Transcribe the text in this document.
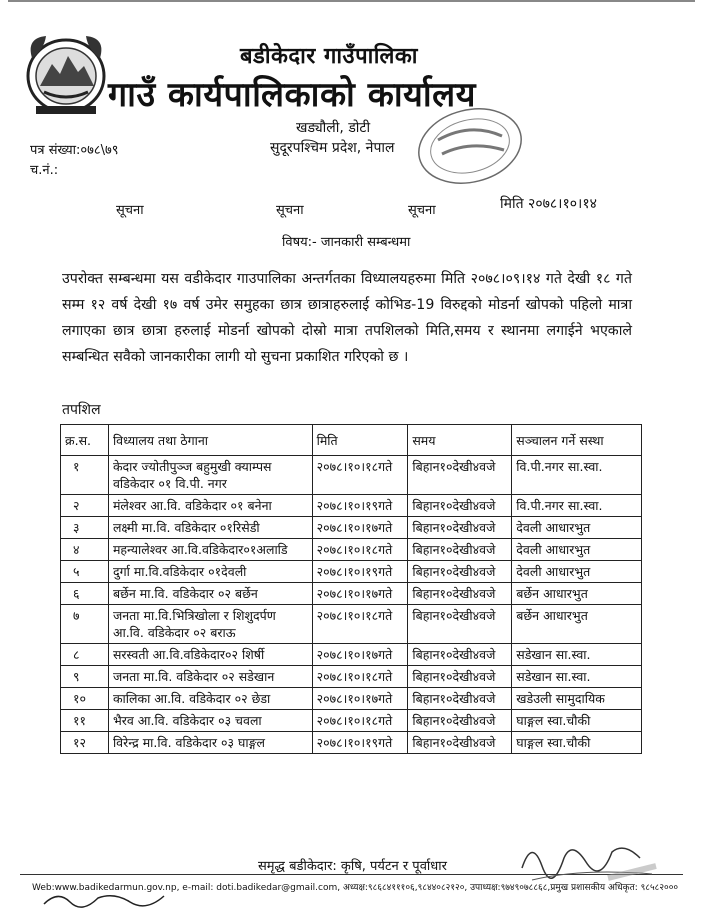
बडीकेदार गाउँपालिका
गाउँ कार्यपालिकाको कार्यालय
खड्यौली, डोटी
सुदूरपश्चिम प्रदेश, नेपाल
पत्र संख्या:०७८\७९
च.नं.:
सूचना	सूचना	सूचना	मिति २०७८।१०।१४
विषय:- जानकारी सम्बन्धमा
उपरोक्त सम्बन्धमा यस वडीकेदार गाउपालिका अन्तर्गतका विध्यालयहरुमा मिति २०७८।०९।१४ गते देखी १८ गते सम्म १२ वर्ष देखी १७ वर्ष उमेर समुहका छात्र छात्राहरुलाई कोभिड-19 विरुद्दको मोडर्ना खोपको पहिलो मात्रा लगाएका छात्र छात्रा हरुलाई मोडर्ना खोपको दोस्रो मात्रा तपशिलको मिति,समय र स्थानमा लगाईने भएकाले सम्बन्धित सवैको जानकारीका लागी यो सुचना प्रकाशित गरिएको छ ।
तपशिल
क्र.स.	विध्यालय तथा ठेगाना	मिति	समय	सञ्चालन गर्ने सस्था
१	केदार ज्योतीपुञ्ज बहुमुखी क्याम्पस वडिकेदार ०१ वि.पी. नगर	२०७८।१०।१८गते	बिहान१०देखी४वजे	वि.पी.नगर सा.स्वा.
२	मंलेश्वर आ.वि. वडिकेदार ०१ बनेना	२०७८।१०।१९गते	बिहान१०देखी४वजे	वि.पी.नगर सा.स्वा.
३	लक्ष्मी मा.वि. वडिकेदार ०१रिसेडी	२०७८।१०।१७गते	बिहान१०देखी४वजे	देवली आधारभुत
४	महन्यालेश्वर आ.वि.वडिकेदार०१अलाडि	२०७८।१०।१८गते	बिहान१०देखी४वजे	देवली आधारभुत
५	दुर्गा मा.वि.वडिकेदार ०१देवली	२०७८।१०।१९गते	बिहान१०देखी४वजे	देवली आधारभुत
६	बर्छेन मा.वि. वडिकेदार ०२ बर्छेन	२०७८।१०।१७गते	बिहान१०देखी४वजे	बर्छेन आधारभुत
७	जनता मा.वि.भित्रिखोला र शिशुदर्पण आ.वि. वडिकेदार ०२ बराऊ	२०७८।१०।१८गते	बिहान१०देखी४वजे	बर्छेन आधारभुत
८	सरस्वती आ.वि.वडिकेदार०२ शिर्षी	२०७८।१०।१७गते	बिहान१०देखी४वजे	सडेखान सा.स्वा.
९	जनता मा.वि. वडिकेदार ०२ सडेखान	२०७८।१०।१८गते	बिहान१०देखी४वजे	सडेखान सा.स्वा.
१०	कालिका आ.वि. वडिकेदार ०२ छेडा	२०७८।१०।१७गते	बिहान१०देखी४वजे	खडेउली सामुदायिक
११	भैरव आ.वि. वडिकेदार ०३ चवला	२०७८।१०।१८गते	बिहान१०देखी४वजे	घाङ्गल स्वा.चौकी
१२	विरेन्द्र मा.वि. वडिकेदार ०३ घाङ्गल	२०७८।१०।१९गते	बिहान१०देखी४वजे	घाङ्गल स्वा.चौकी
समृद्ध बडीकेदार: कृषि, पर्यटन र पूर्वाधार
Web:www.badikedarmun.gov.np, e-mail: doti.badikedar@gmail.com, अध्यक्ष:९८६८४१११०६,९८४४०८२१२०, उपाध्यक्ष:९७४९०७८८६८,प्रमुख प्रशासकीय अधिकृत: ९८५८२०००
